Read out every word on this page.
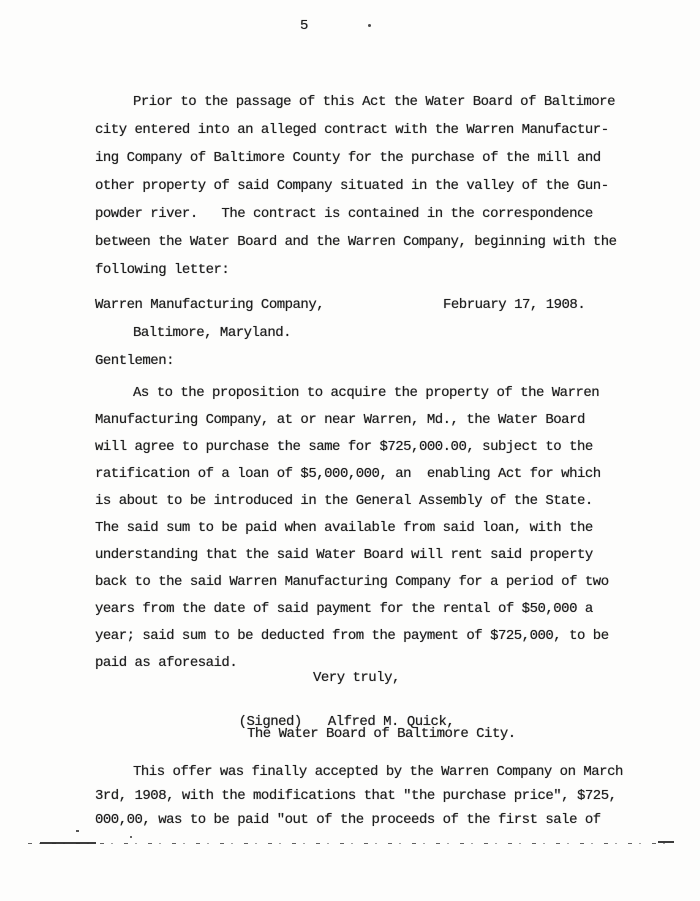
5
Prior to the passage of this Act the Water Board of Baltimore
city entered into an alleged contract with the Warren Manufactur-
ing Company of Baltimore County for the purchase of the mill and
other property of said Company situated in the valley of the Gun-
powder river.   The contract is contained in the correspondence
between the Water Board and the Warren Company, beginning with the
following letter:
Warren Manufacturing Company,	February 17, 1908.
Baltimore, Maryland.
Gentlemen:
As to the proposition to acquire the property of the Warren
Manufacturing Company, at or near Warren, Md., the Water Board
will agree to purchase the same for $725,000.00, subject to the
ratification of a loan of $5,000,000, an  enabling Act for which
is about to be introduced in the General Assembly of the State.
The said sum to be paid when available from said loan, with the
understanding that the said Water Board will rent said property
back to the said Warren Manufacturing Company for a period of two
years from the date of said payment for the rental of $50,000 a
year; said sum to be deducted from the payment of $725,000, to be
paid as aforesaid.
Very truly,

(Signed) Alfred M. Quick,

The Water Board of Baltimore City.
This offer was finally accepted by the Warren Company on March
3rd, 1908, with the modifications that "the purchase price", $725,
000,00, was to be paid "out of the proceeds of the first sale of
